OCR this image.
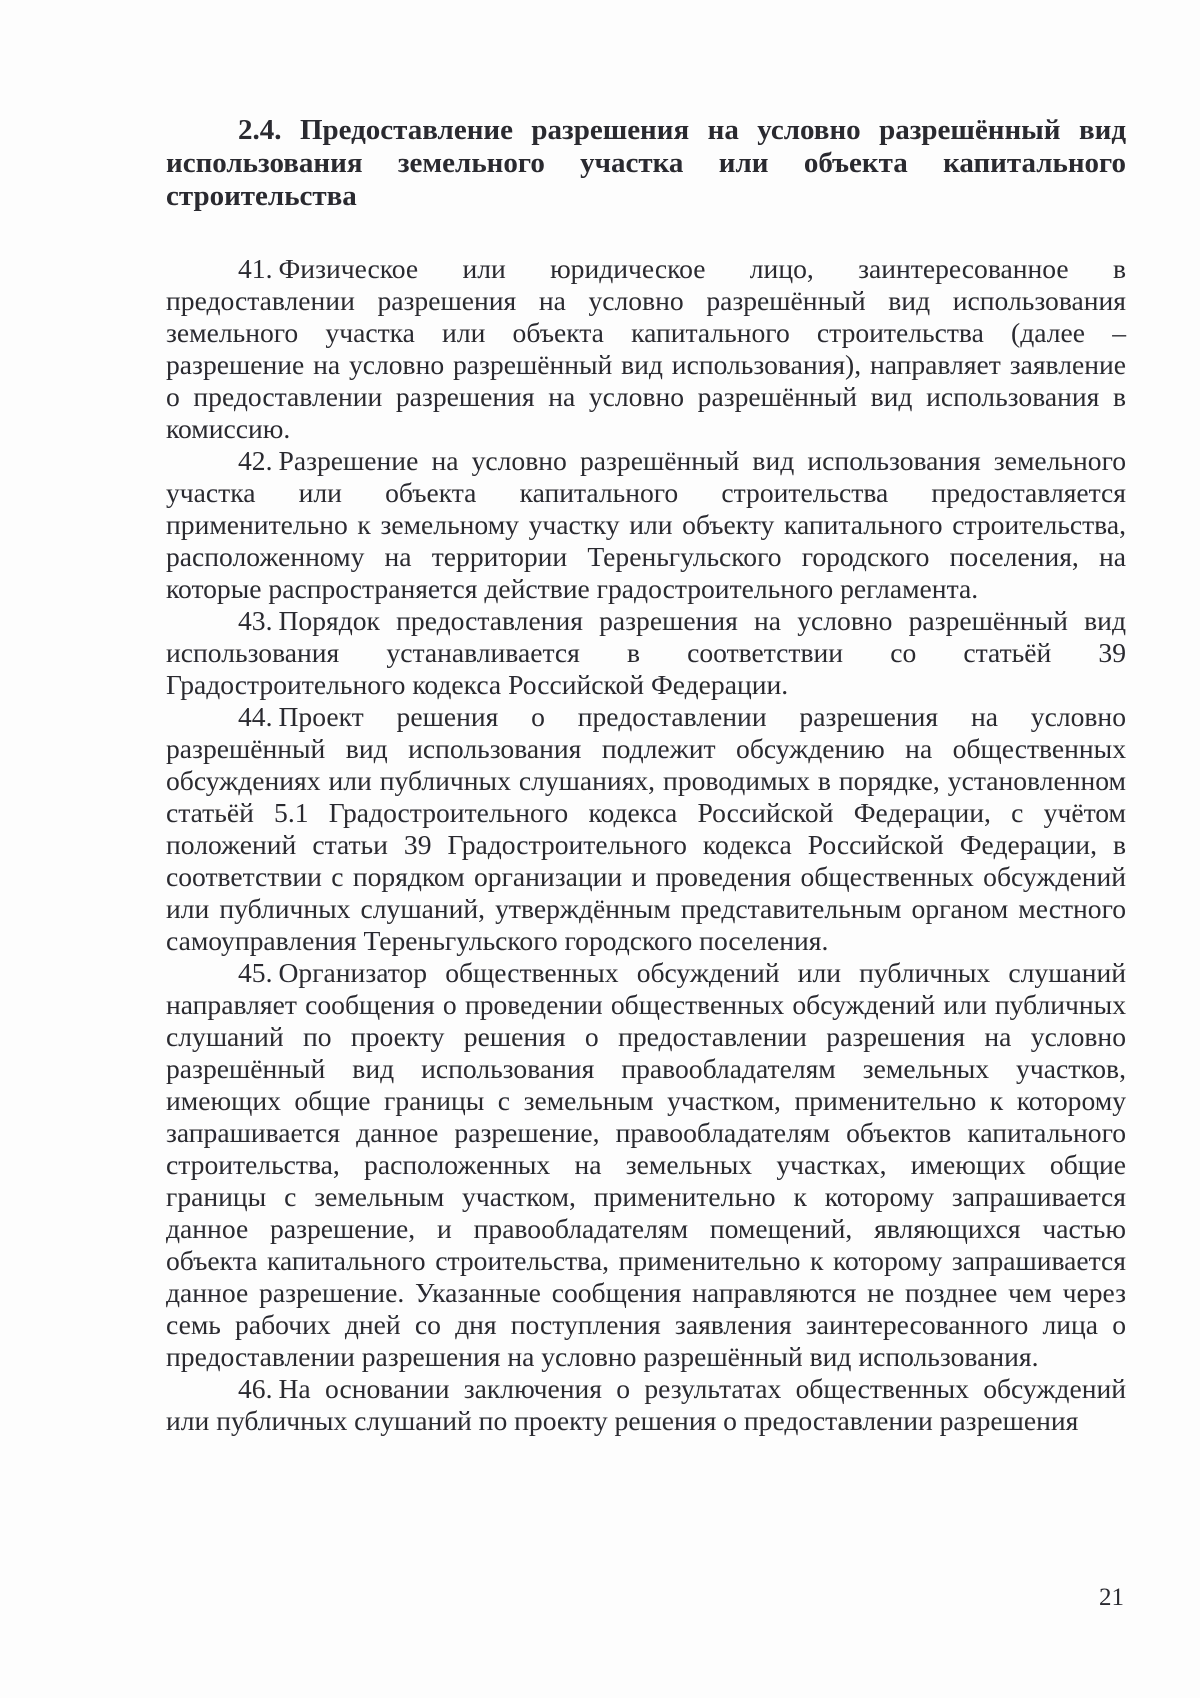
2.4. Предоставление разрешения на условно разрешённый вид использования земельного участка или объекта капитального строительства

41. Физическое или юридическое лицо, заинтересованное в предоставлении разрешения на условно разрешённый вид использования земельного участка или объекта капитального строительства (далее – разрешение на условно разрешённый вид использования), направляет заявление о предоставлении разрешения на условно разрешённый вид использования в комиссию.

42. Разрешение на условно разрешённый вид использования земельного участка или объекта капитального строительства предоставляется применительно к земельному участку или объекту капитального строительства, расположенному на территории Тереньгульского городского поселения, на которые распространяется действие градостроительного регламента.

43. Порядок предоставления разрешения на условно разрешённый вид использования устанавливается в соответствии со статьёй 39 Градостроительного кодекса Российской Федерации.

44. Проект решения о предоставлении разрешения на условно разрешённый вид использования подлежит обсуждению на общественных обсуждениях или публичных слушаниях, проводимых в порядке, установленном статьёй 5.1 Градостроительного кодекса Российской Федерации, с учётом положений статьи 39 Градостроительного кодекса Российской Федерации, в соответствии с порядком организации и проведения общественных обсуждений или публичных слушаний, утверждённым представительным органом местного самоуправления Тереньгульского городского поселения.

45. Организатор общественных обсуждений или публичных слушаний направляет сообщения о проведении общественных обсуждений или публичных слушаний по проекту решения о предоставлении разрешения на условно разрешённый вид использования правообладателям земельных участков, имеющих общие границы с земельным участком, применительно к которому запрашивается данное разрешение, правообладателям объектов капитального строительства, расположенных на земельных участках, имеющих общие границы с земельным участком, применительно к которому запрашивается данное разрешение, и правообладателям помещений, являющихся частью объекта капитального строительства, применительно к которому запрашивается данное разрешение. Указанные сообщения направляются не позднее чем через семь рабочих дней со дня поступления заявления заинтересованного лица о предоставлении разрешения на условно разрешённый вид использования.

46. На основании заключения о результатах общественных обсуждений или публичных слушаний по проекту решения о предоставлении разрешения

21
